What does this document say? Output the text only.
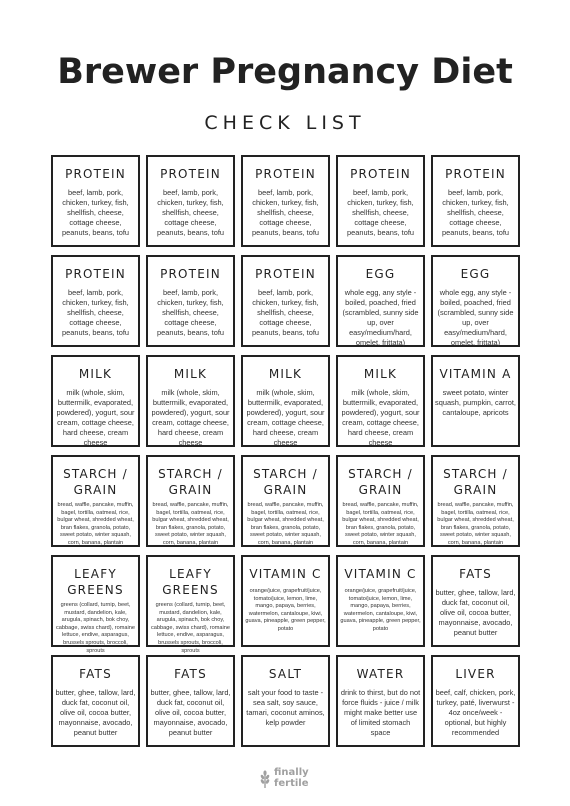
Brewer Pregnancy Diet
CHECK LIST
PROTEIN
beef, lamb, pork, chicken, turkey, fish, shellfish, cheese, cottage cheese, peanuts, beans, tofu
PROTEIN
beef, lamb, pork, chicken, turkey, fish, shellfish, cheese, cottage cheese, peanuts, beans, tofu
PROTEIN
beef, lamb, pork, chicken, turkey, fish, shellfish, cheese, cottage cheese, peanuts, beans, tofu
PROTEIN
beef, lamb, pork, chicken, turkey, fish, shellfish, cheese, cottage cheese, peanuts, beans, tofu
PROTEIN
beef, lamb, pork, chicken, turkey, fish, shellfish, cheese, cottage cheese, peanuts, beans, tofu
PROTEIN
beef, lamb, pork, chicken, turkey, fish, shellfish, cheese, cottage cheese, peanuts, beans, tofu
PROTEIN
beef, lamb, pork, chicken, turkey, fish, shellfish, cheese, cottage cheese, peanuts, beans, tofu
PROTEIN
beef, lamb, pork, chicken, turkey, fish, shellfish, cheese, cottage cheese, peanuts, beans, tofu
EGG
whole egg, any style - boiled, poached, fried (scrambled, sunny side up, over easy/medium/hard, omelet, frittata)
EGG
whole egg, any style - boiled, poached, fried (scrambled, sunny side up, over easy/medium/hard, omelet, frittata)
MILK
milk (whole, skim, buttermilk, evaporated, powdered), yogurt, sour cream, cottage cheese, hard cheese, cream cheese
MILK
milk (whole, skim, buttermilk, evaporated, powdered), yogurt, sour cream, cottage cheese, hard cheese, cream cheese
MILK
milk (whole, skim, buttermilk, evaporated, powdered), yogurt, sour cream, cottage cheese, hard cheese, cream cheese
MILK
milk (whole, skim, buttermilk, evaporated, powdered), yogurt, sour cream, cottage cheese, hard cheese, cream cheese
VITAMIN A
sweet potato, winter squash, pumpkin, carrot, cantaloupe, apricots
STARCH / GRAIN
bread, waffle, pancake, muffin, bagel, tortilla, oatmeal, rice, bulgar wheat, shredded wheat, bran flakes, granola, potato, sweet potato, winter squash, corn, banana, plantain
STARCH / GRAIN
bread, waffle, pancake, muffin, bagel, tortilla, oatmeal, rice, bulgar wheat, shredded wheat, bran flakes, granola, potato, sweet potato, winter squash, corn, banana, plantain
STARCH / GRAIN
bread, waffle, pancake, muffin, bagel, tortilla, oatmeal, rice, bulgar wheat, shredded wheat, bran flakes, granola, potato, sweet potato, winter squash, corn, banana, plantain
STARCH / GRAIN
bread, waffle, pancake, muffin, bagel, tortilla, oatmeal, rice, bulgar wheat, shredded wheat, bran flakes, granola, potato, sweet potato, winter squash, corn, banana, plantain
STARCH / GRAIN
bread, waffle, pancake, muffin, bagel, tortilla, oatmeal, rice, bulgar wheat, shredded wheat, bran flakes, granola, potato, sweet potato, winter squash, corn, banana, plantain
LEAFY GREENS
greens (collard, turnip, beet, mustard, dandelion, kale, arugula, spinach, bok choy, cabbage, swiss chard), romaine lettuce, endive, asparagus, brussels sprouts, broccoli, sprouts
LEAFY GREENS
greens (collard, turnip, beet, mustard, dandelion, kale, arugula, spinach, bok choy, cabbage, swiss chard), romaine lettuce, endive, asparagus, brussels sprouts, broccoli, sprouts
VITAMIN C
orange/juice, grapefruit/juice, tomato/juice, lemon, lime, mango, papaya, berries, watermelon, cantaloupe, kiwi, guava, pineapple, green pepper, potato
VITAMIN C
orange/juice, grapefruit/juice, tomato/juice, lemon, lime, mango, papaya, berries, watermelon, cantaloupe, kiwi, guava, pineapple, green pepper, potato
FATS
butter, ghee, tallow, lard, duck fat, coconut oil, olive oil, cocoa butter, mayonnaise, avocado, peanut butter
FATS
butter, ghee, tallow, lard, duck fat, coconut oil, olive oil, cocoa butter, mayonnaise, avocado, peanut butter
FATS
butter, ghee, tallow, lard, duck fat, coconut oil, olive oil, cocoa butter, mayonnaise, avocado, peanut butter
SALT
salt your food to taste - sea salt, soy sauce, tamari, coconut aminos, kelp powder
WATER
drink to thirst, but do not force fluids - juice / milk might make better use of limited stomach space
LIVER
beef, calf, chicken, pork, turkey, paté, liverwurst - 4oz once/week - optional, but highly recommended
finally
fertile
